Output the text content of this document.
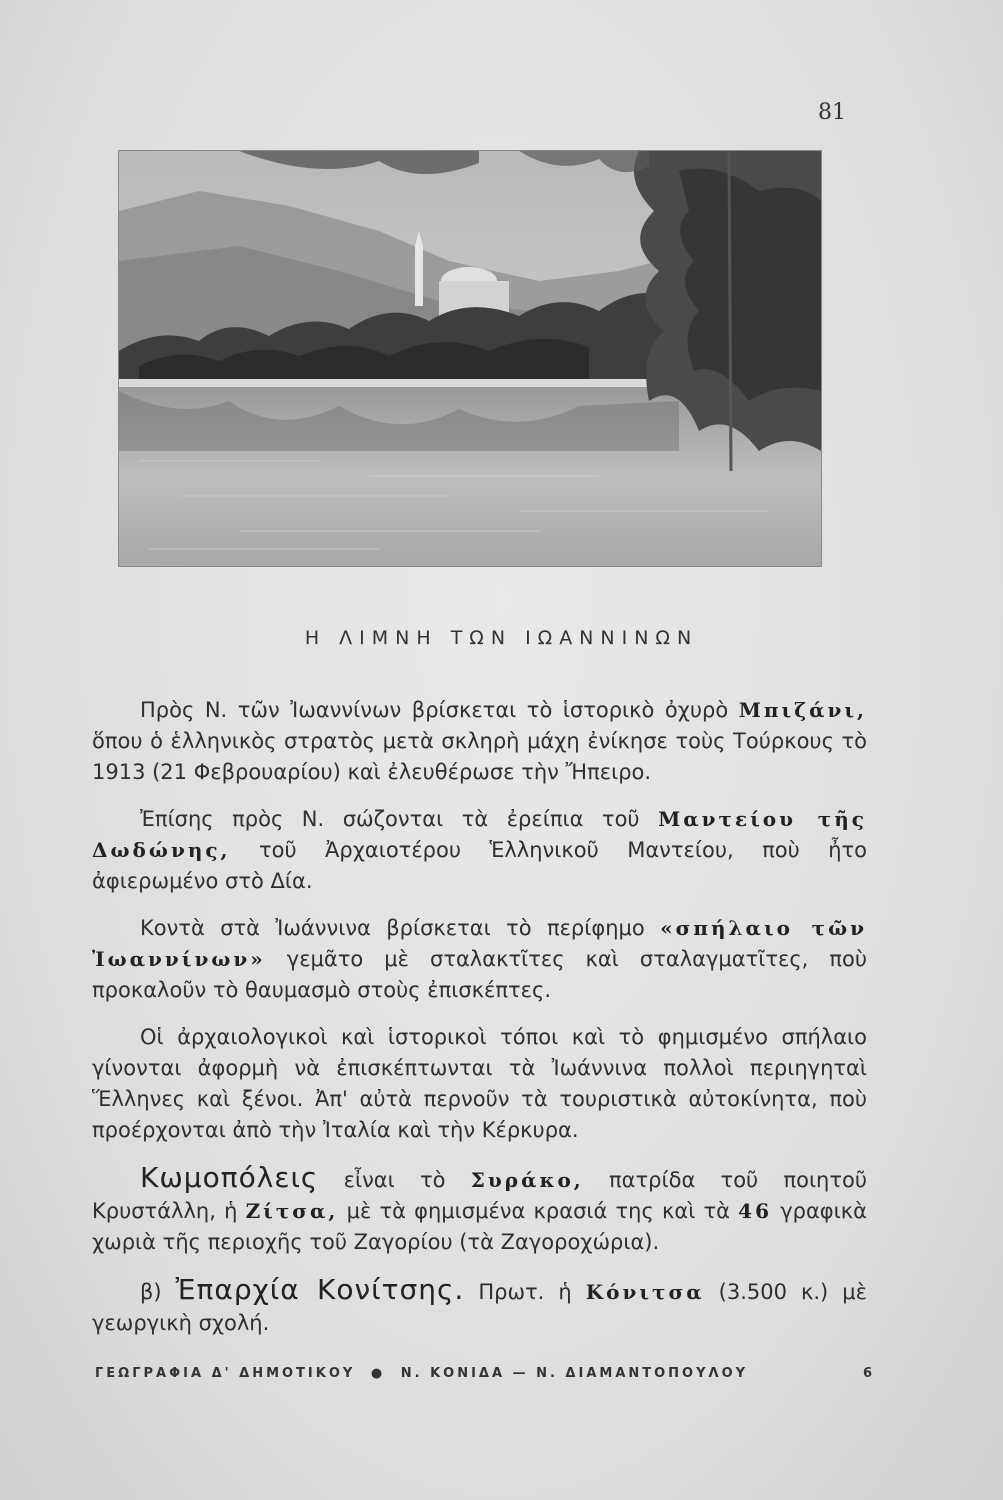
81
Η ΛΙΜΝΗ ΤΩΝ ΙΩΑΝΝΙΝΩΝ

Πρὸς Ν. τῶν Ἰωαννίνων βρίσκεται τὸ ἱστορικὸ ὀχυρὸ Μπιζάνι, ὅπου ὁ ἑλληνικὸς στρατὸς μετὰ σκληρὴ μάχη ἐνίκησε τοὺς Τούρκους τὸ 1913 (21 Φεβρουαρίου) καὶ ἐλευθέρωσε τὴν Ἤπειρο.

Ἐπίσης πρὸς Ν. σώζονται τὰ ἐρείπια τοῦ Μαντείου τῆς Δωδώνης, τοῦ Ἀρχαιοτέρου Ἑλληνικοῦ Μαντείου, ποὺ ἦτο ἀφιερωμένο στὸ Δία.

Κοντὰ στὰ Ἰωάννινα βρίσκεται τὸ περίφημο «σπήλαιο τῶν Ἰωαννίνων» γεμᾶτο μὲ σταλακτῖτες καὶ σταλαγματῖτες, ποὺ προκαλοῦν τὸ θαυμασμὸ στοὺς ἐπισκέπτες.

Οἱ ἀρχαιολογικοὶ καὶ ἱστορικοὶ τόποι καὶ τὸ φημισμένο σπήλαιο γίνονται ἀφορμὴ νὰ ἐπισκέπτωνται τὰ Ἰωάννινα πολλοὶ περιηγηταὶ Ἕλληνες καὶ ξένοι. Ἀπ' αὐτὰ περνοῦν τὰ τουριστικὰ αὐτοκίνητα, ποὺ προέρχονται ἀπὸ τὴν Ἰταλία καὶ τὴν Κέρκυρα.

Κωμοπόλεις εἶναι τὸ Συράκο, πατρίδα τοῦ ποιητοῦ Κρυστάλλη, ἡ Ζίτσα, μὲ τὰ φημισμένα κρασιά της καὶ τὰ 46 γραφικὰ χωριὰ τῆς περιοχῆς τοῦ Ζαγορίου (τὰ Ζαγοροχώρια).

β) Ἐπαρχία Κονίτσης. Πρωτ. ἡ Κόνιτσα (3.500 κ.) μὲ γεωργικὴ σχολή.

ΓΕΩΓΡΑΦΙΑ Δ' ΔΗΜΟΤΙΚΟΥ ● Ν. ΚΟΝΙΔΑ — Ν. ΔΙΑΜΑΝΤΟΠΟΥΛΟΥ	6
